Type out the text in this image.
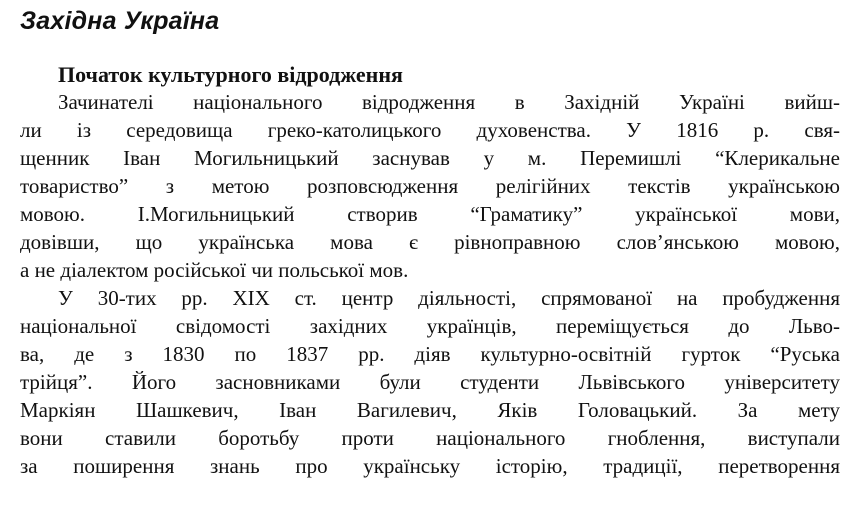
Західна Україна
Початок культурного відродження

Зачинателі національного відродження в Західній Україні вийш-
ли із середовища греко-католицького духовенства. У 1816 р. свя-
щенник Іван Могильницький заснував у м. Перемишлі “Клерикальне
товариство” з метою розповсюдження релігійних текстів українською
мовою. І.Могильницький створив “Граматику” української мови,
довівши, що українська мова є рівноправною слов’янською мовою,
а не діалектом російської чи польської мов.

У 30-тих рр. XIX ст. центр діяльності, спрямованої на пробудження
національної свідомості західних українців, переміщується до Льво-
ва, де з 1830 по 1837 рр. діяв культурно-освітній гурток “Руська
трійця”. Його засновниками були студенти Львівського університету
Маркіян Шашкевич, Іван Вагилевич, Яків Головацький. За мету
вони ставили боротьбу проти національного гноблення, виступали
за поширення знань про українську історію, традиції, перетворення
